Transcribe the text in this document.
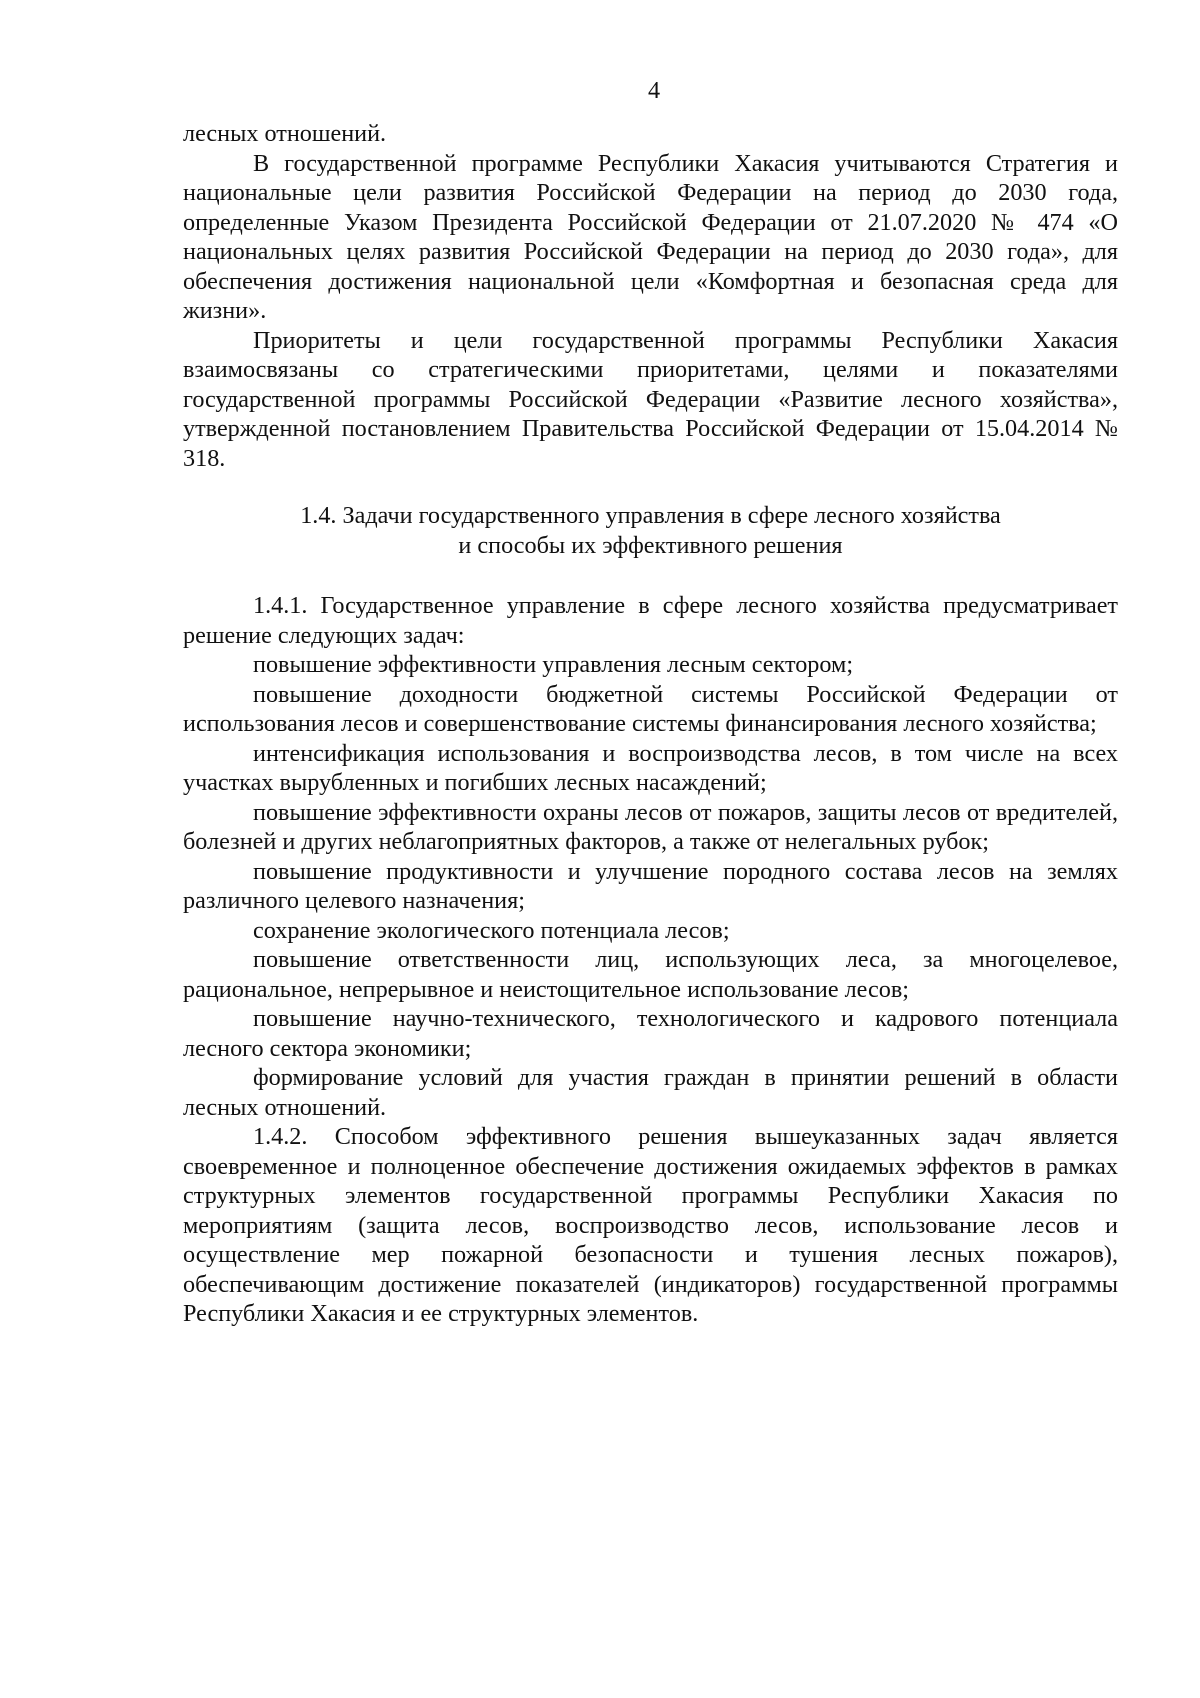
4

лесных отношений.

В государственной программе Республики Хакасия учитываются Стратегия и национальные цели развития Российской Федерации на период до 2030 года, определенные Указом Президента Российской Федерации от 21.07.2020 № 474 «О национальных целях развития Российской Федерации на период до 2030 года», для обеспечения достижения национальной цели «Комфортная и безопасная среда для жизни».

Приоритеты и цели государственной программы Республики Хакасия взаимосвязаны со стратегическими приоритетами, целями и показателями государственной программы Российской Федерации «Развитие лесного хозяйства», утвержденной постановлением Правительства Российской Федерации от 15.04.2014 № 318.

1.4. Задачи государственного управления в сфере лесного хозяйства
и способы их эффективного решения

1.4.1. Государственное управление в сфере лесного хозяйства предусматривает решение следующих задач:

повышение эффективности управления лесным сектором;

повышение доходности бюджетной системы Российской Федерации от использования лесов и совершенствование системы финансирования лесного хозяйства;

интенсификация использования и воспроизводства лесов, в том числе на всех участках вырубленных и погибших лесных насаждений;

повышение эффективности охраны лесов от пожаров, защиты лесов от вредителей, болезней и других неблагоприятных факторов, а также от нелегальных рубок;

повышение продуктивности и улучшение породного состава лесов на землях различного целевого назначения;

сохранение экологического потенциала лесов;

повышение ответственности лиц, использующих леса, за многоцелевое, рациональное, непрерывное и неистощительное использование лесов;

повышение научно-технического, технологического и кадрового потенциала лесного сектора экономики;

формирование условий для участия граждан в принятии решений в области лесных отношений.

1.4.2. Способом эффективного решения вышеуказанных задач является своевременное и полноценное обеспечение достижения ожидаемых эффектов в рамках структурных элементов государственной программы Республики Хакасия по мероприятиям (защита лесов, воспроизводство лесов, использование лесов и осуществление мер пожарной безопасности и тушения лесных пожаров), обеспечивающим достижение показателей (индикаторов) государственной программы Республики Хакасия и ее структурных элементов.
